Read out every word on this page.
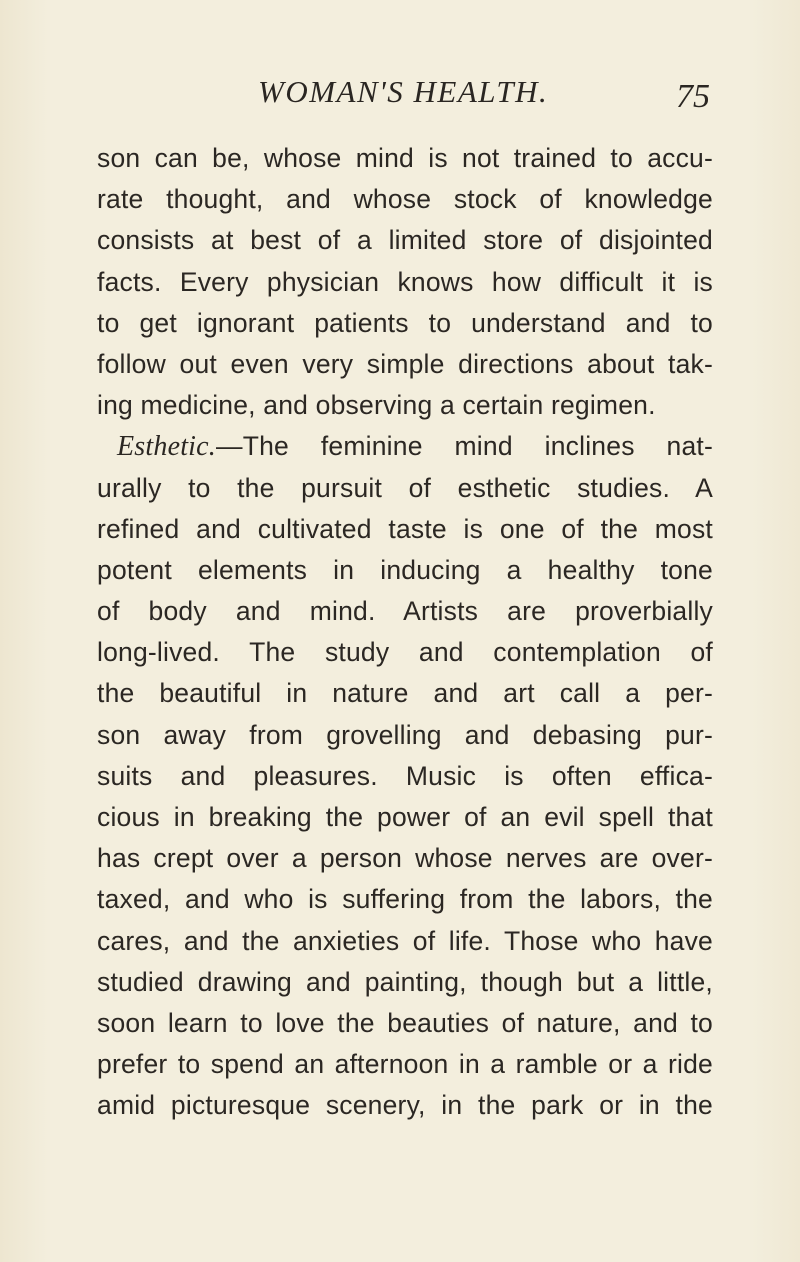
WOMAN'S HEALTH.	75
son can be, whose mind is not trained to accu-
rate thought, and whose stock of knowledge
consists at best of a limited store of disjointed
facts. Every physician knows how difficult it is
to get ignorant patients to understand and to
follow out even very simple directions about tak-
ing medicine, and observing a certain regimen.
Esthetic.—The feminine mind inclines nat-
urally to the pursuit of esthetic studies. A
refined and cultivated taste is one of the most
potent elements in inducing a healthy tone
of body and mind. Artists are proverbially
long-lived. The study and contemplation of
the beautiful in nature and art call a per-
son away from grovelling and debasing pur-
suits and pleasures. Music is often effica-
cious in breaking the power of an evil spell that
has crept over a person whose nerves are over-
taxed, and who is suffering from the labors, the
cares, and the anxieties of life. Those who have
studied drawing and painting, though but a little,
soon learn to love the beauties of nature, and to
prefer to spend an afternoon in a ramble or a ride
amid picturesque scenery, in the park or in the
